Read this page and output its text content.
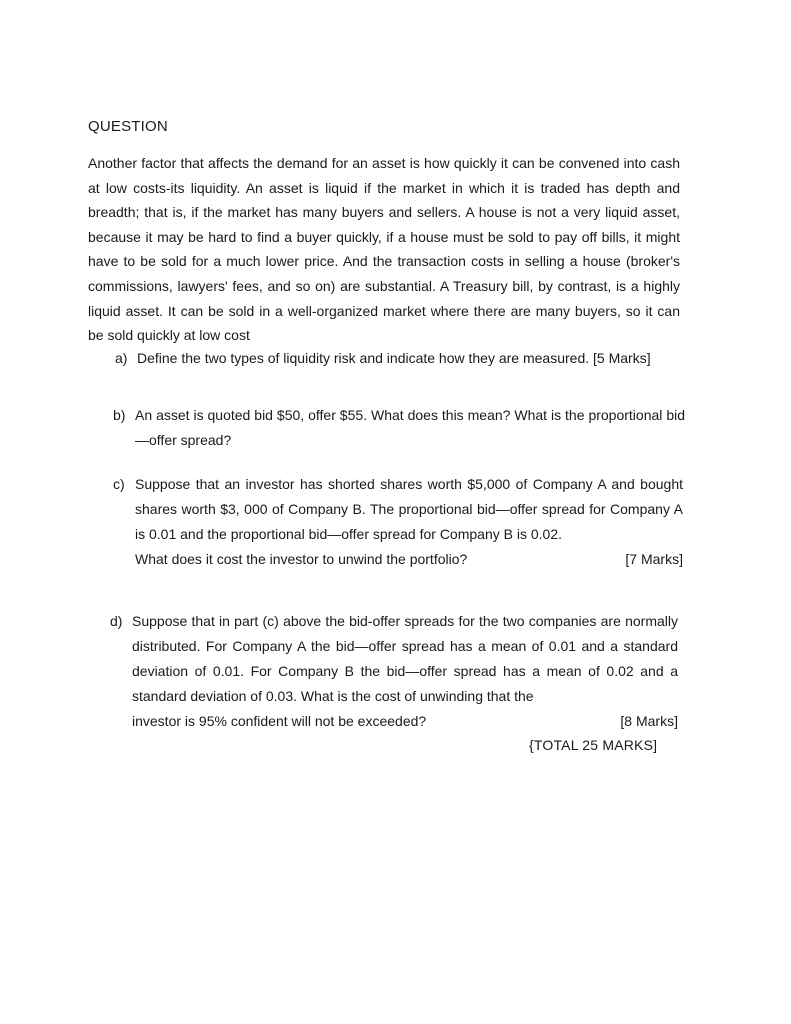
QUESTION

Another factor that affects the demand for an asset is how quickly it can be convened into cash at low costs-its liquidity. An asset is liquid if the market in which it is traded has depth and breadth; that is, if the market has many buyers and sellers. A house is not a very liquid asset, because it may be hard to find a buyer quickly, if a house must be sold to pay off bills, it might have to be sold for a much lower price. And the transaction costs in selling a house (broker's commissions, lawyers' fees, and so on) are substantial. A Treasury bill, by contrast, is a highly liquid asset. It can be sold in a well-organized market where there are many buyers, so it can be sold quickly at low cost

a) Define the two types of liquidity risk and indicate how they are measured. [5 Marks]
b) An asset is quoted bid $50, offer $55. What does this mean? What is the proportional bid—offer spread?
c) Suppose that an investor has shorted shares worth $5,000 of Company A and bought shares worth $3, 000 of Company B. The proportional bid—offer spread for Company A is 0.01 and the proportional bid—offer spread for Company B is 0.02.
What does it cost the investor to unwind the portfolio?	[7 Marks]
d) Suppose that in part (c) above the bid-offer spreads for the two companies are normally distributed. For Company A the bid—offer spread has a mean of 0.01 and a standard deviation of 0.01. For Company B the bid—offer spread has a mean of 0.02 and a standard deviation of 0.03. What is the cost of unwinding that the
investor is 95% confident will not be exceeded?	[8 Marks]
{TOTAL 25 MARKS]
